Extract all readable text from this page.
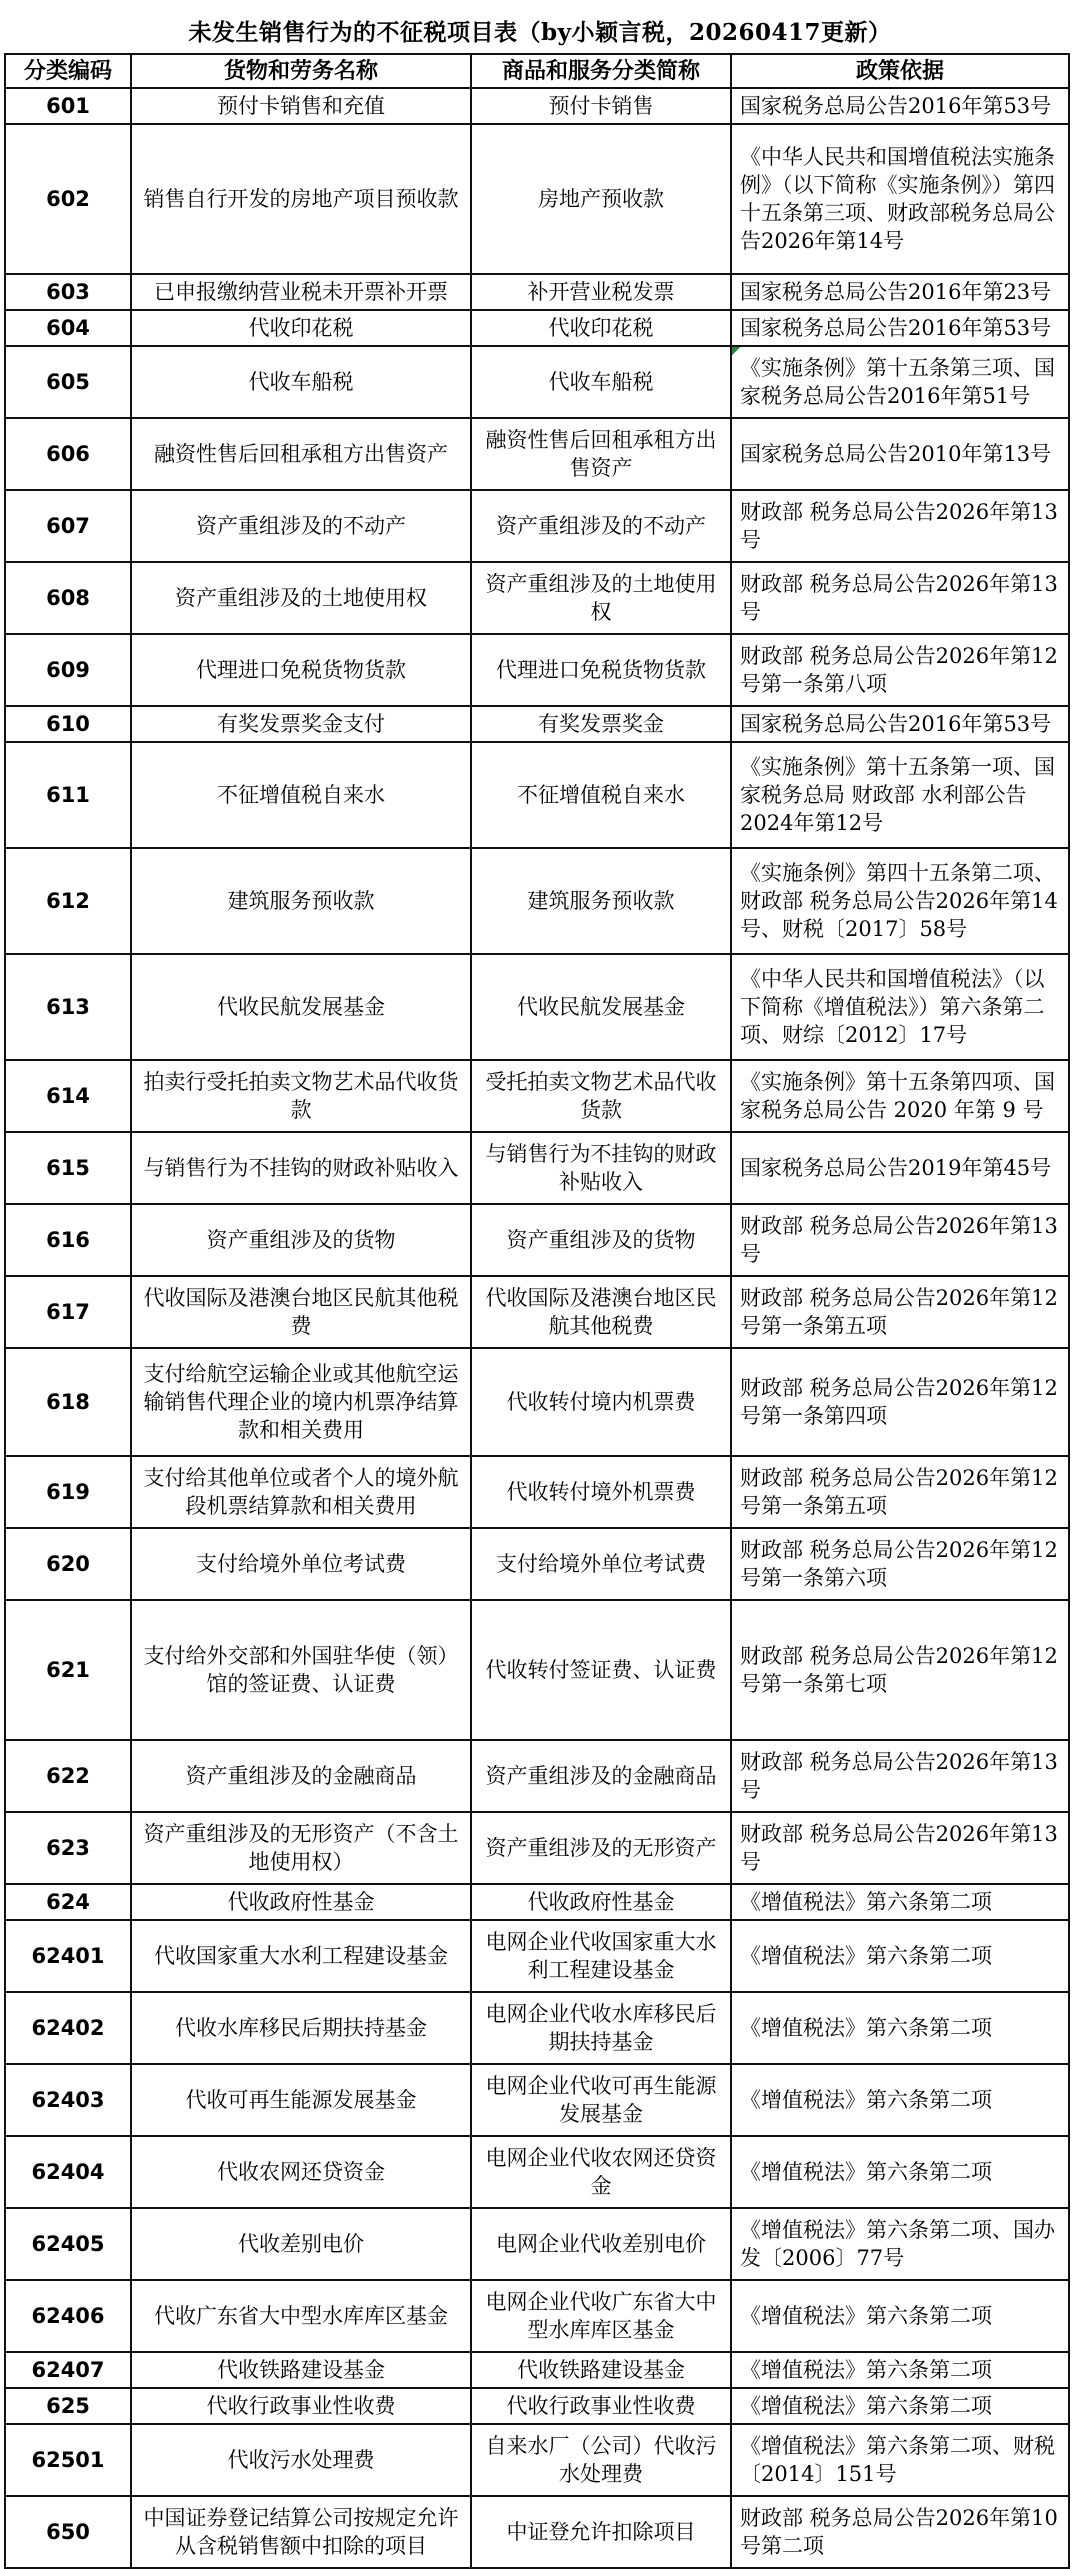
未发生销售行为的不征税项目表（by小颖言税，20260417更新）
分类编码	货物和劳务名称	商品和服务分类简称	政策依据
601	预付卡销售和充值	预付卡销售	国家税务总局公告2016年第53号
602	销售自行开发的房地产项目预收款	房地产预收款	《中华人民共和国增值税法实施条例》（以下简称《实施条例》）第四十五条第三项、财政部税务总局公告2026年第14号
603	已申报缴纳营业税未开票补开票	补开营业税发票	国家税务总局公告2016年第23号
604	代收印花税	代收印花税	国家税务总局公告2016年第53号
605	代收车船税	代收车船税	《实施条例》第十五条第三项、国家税务总局公告2016年第51号
606	融资性售后回租承租方出售资产	融资性售后回租承租方出售资产	国家税务总局公告2010年第13号
607	资产重组涉及的不动产	资产重组涉及的不动产	财政部 税务总局公告2026年第13号
608	资产重组涉及的土地使用权	资产重组涉及的土地使用权	财政部 税务总局公告2026年第13号
609	代理进口免税货物货款	代理进口免税货物货款	财政部 税务总局公告2026年第12号第一条第八项
610	有奖发票奖金支付	有奖发票奖金	国家税务总局公告2016年第53号
611	不征增值税自来水	不征增值税自来水	《实施条例》第十五条第一项、国家税务总局 财政部 水利部公告2024年第12号
612	建筑服务预收款	建筑服务预收款	《实施条例》第四十五条第二项、财政部 税务总局公告2026年第14号、财税〔2017〕58号
613	代收民航发展基金	代收民航发展基金	《中华人民共和国增值税法》（以下简称《增值税法》）第六条第二项、财综〔2012〕17号
614	拍卖行受托拍卖文物艺术品代收货款	受托拍卖文物艺术品代收货款	《实施条例》第十五条第四项、国家税务总局公告 2020 年第 9 号
615	与销售行为不挂钩的财政补贴收入	与销售行为不挂钩的财政补贴收入	国家税务总局公告2019年第45号
616	资产重组涉及的货物	资产重组涉及的货物	财政部 税务总局公告2026年第13号
617	代收国际及港澳台地区民航其他税费	代收国际及港澳台地区民航其他税费	财政部 税务总局公告2026年第12号第一条第五项
618	支付给航空运输企业或其他航空运输销售代理企业的境内机票净结算款和相关费用	代收转付境内机票费	财政部 税务总局公告2026年第12号第一条第四项
619	支付给其他单位或者个人的境外航段机票结算款和相关费用	代收转付境外机票费	财政部 税务总局公告2026年第12号第一条第五项
620	支付给境外单位考试费	支付给境外单位考试费	财政部 税务总局公告2026年第12号第一条第六项
621	支付给外交部和外国驻华使（领）馆的签证费、认证费	代收转付签证费、认证费	财政部 税务总局公告2026年第12号第一条第七项
622	资产重组涉及的金融商品	资产重组涉及的金融商品	财政部 税务总局公告2026年第13号
623	资产重组涉及的无形资产（不含土地使用权）	资产重组涉及的无形资产	财政部 税务总局公告2026年第13号
624	代收政府性基金	代收政府性基金	《增值税法》第六条第二项
62401	代收国家重大水利工程建设基金	电网企业代收国家重大水利工程建设基金	《增值税法》第六条第二项
62402	代收水库移民后期扶持基金	电网企业代收水库移民后期扶持基金	《增值税法》第六条第二项
62403	代收可再生能源发展基金	电网企业代收可再生能源发展基金	《增值税法》第六条第二项
62404	代收农网还贷资金	电网企业代收农网还贷资金	《增值税法》第六条第二项
62405	代收差别电价	电网企业代收差别电价	《增值税法》第六条第二项、国办发〔2006〕77号
62406	代收广东省大中型水库库区基金	电网企业代收广东省大中型水库库区基金	《增值税法》第六条第二项
62407	代收铁路建设基金	代收铁路建设基金	《增值税法》第六条第二项
625	代收行政事业性收费	代收行政事业性收费	《增值税法》第六条第二项
62501	代收污水处理费	自来水厂（公司）代收污水处理费	《增值税法》第六条第二项、财税〔2014〕151号
650	中国证券登记结算公司按规定允许从含税销售额中扣除的项目	中证登允许扣除项目	财政部 税务总局公告2026年第10号第二项
